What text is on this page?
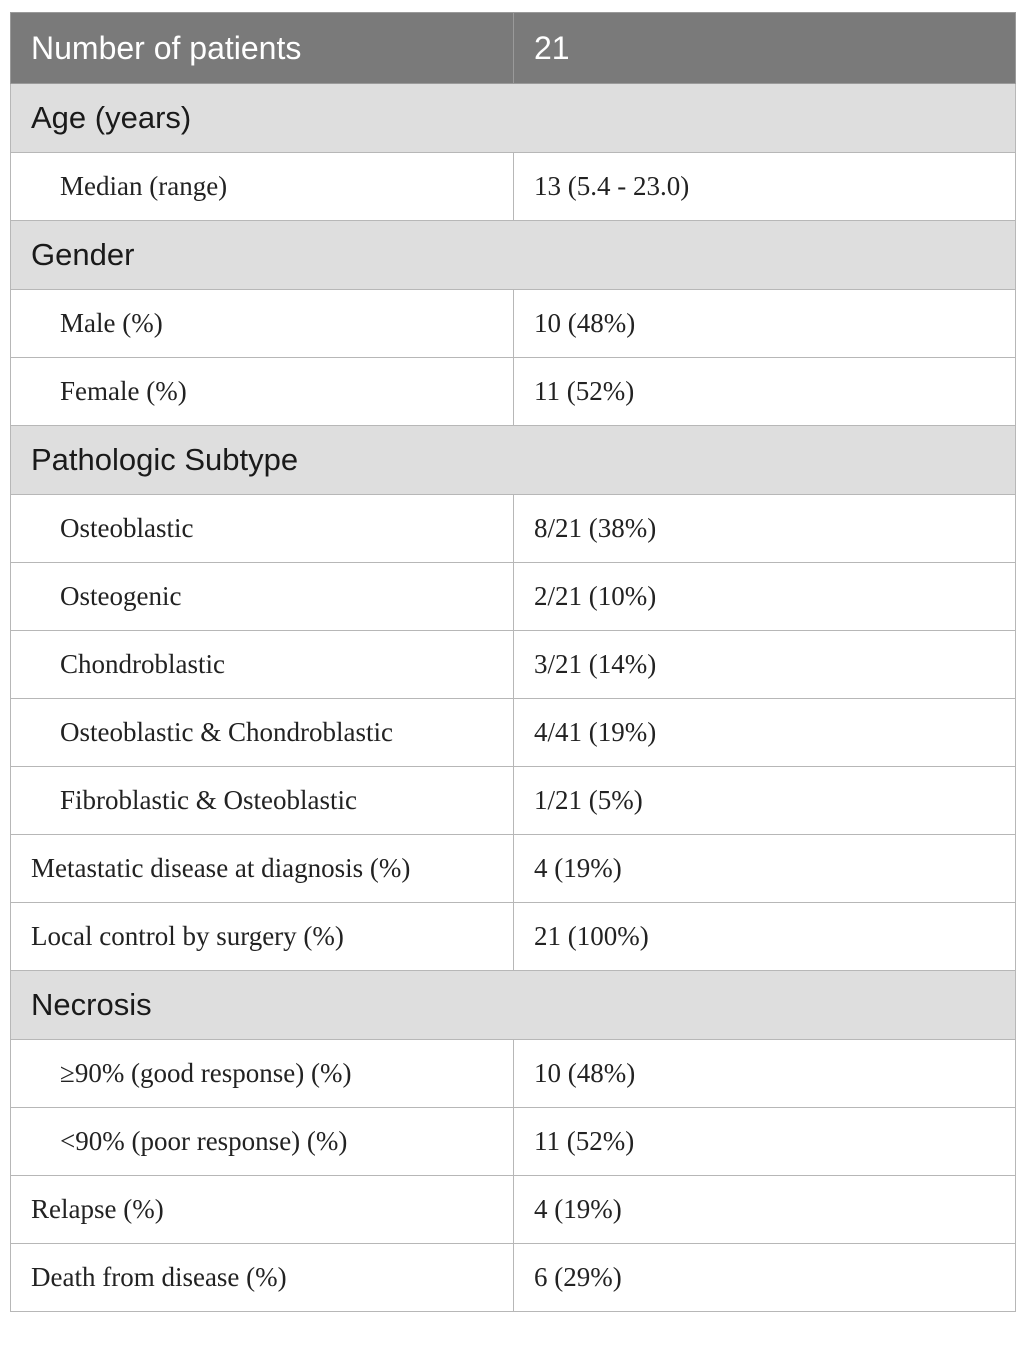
Number of patients	21
Age (years)	
Median (range)	13 (5.4 - 23.0)
Gender	
Male (%)	10 (48%)
Female (%)	11 (52%)
Pathologic Subtype	
Osteoblastic	8/21 (38%)
Osteogenic	2/21 (10%)
Chondroblastic	3/21 (14%)
Osteoblastic & Chondroblastic	4/41 (19%)
Fibroblastic & Osteoblastic	1/21 (5%)
Metastatic disease at diagnosis (%)	4 (19%)
Local control by surgery (%)	21 (100%)
Necrosis	
≥90% (good response) (%)	10 (48%)
<90% (poor response) (%)	11 (52%)
Relapse (%)	4 (19%)
Death from disease (%)	6 (29%)
